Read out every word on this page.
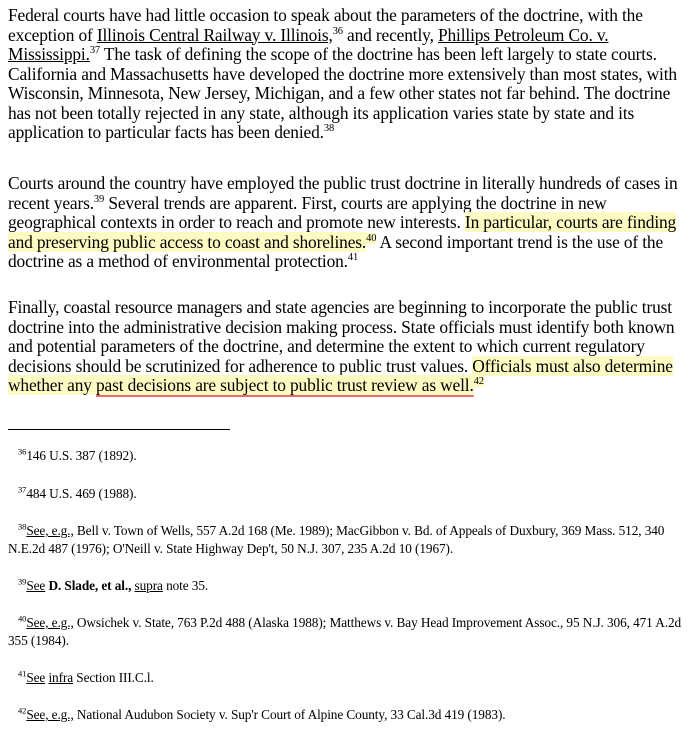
Federal courts have had little occasion to speak about the parameters of the doctrine, with the exception of Illinois Central Railway v. Illinois,$^{36}$ and recently, Phillips Petroleum Co. v. Mississippi.$^{37}$ The task of defining the scope of the doctrine has been left largely to state courts. California and Massachusetts have developed the doctrine more extensively than most states, with Wisconsin, Minnesota, New Jersey, Michigan, and a few other states not far behind. The doctrine has not been totally rejected in any state, although its application varies state by state and its application to particular facts has been denied.$^{38}$

Courts around the country have employed the public trust doctrine in literally hundreds of cases in recent years.$^{39}$ Several trends are apparent. First, courts are applying the doctrine in new geographical contexts in order to reach and promote new interests. In particular, courts are finding and preserving public access to coast and shorelines.$^{40}$ A second important trend is the use of the doctrine as a method of environmental protection.$^{41}$

Finally, coastal resource managers and state agencies are beginning to incorporate the public trust doctrine into the administrative decision making process. State officials must identify both known and potential parameters of the doctrine, and determine the extent to which current regulatory decisions should be scrutinized for adherence to public trust values. Officials must also determine whether any past decisions are subject to public trust review as well.$^{42}$

$^{36}$146 U.S. 387 (1892).

$^{37}$484 U.S. 469 (1988).

$^{38}$See, e.g., Bell v. Town of Wells, 557 A.2d 168 (Me. 1989); MacGibbon v. Bd. of Appeals of Duxbury, 369 Mass. 512, 340 N.E.2d 487 (1976); O'Neill v. State Highway Dep't, 50 N.J. 307, 235 A.2d 10 (1967).

$^{39}$See D. Slade, et al., supra note 35.

$^{40}$See, e.g., Owsichek v. State, 763 P.2d 488 (Alaska 1988); Matthews v. Bay Head Improvement Assoc., 95 N.J. 306, 471 A.2d 355 (1984).

$^{41}$See infra Section III.C.l.

$^{42}$See, e.g., National Audubon Society v. Sup'r Court of Alpine County, 33 Cal.3d 419 (1983).
